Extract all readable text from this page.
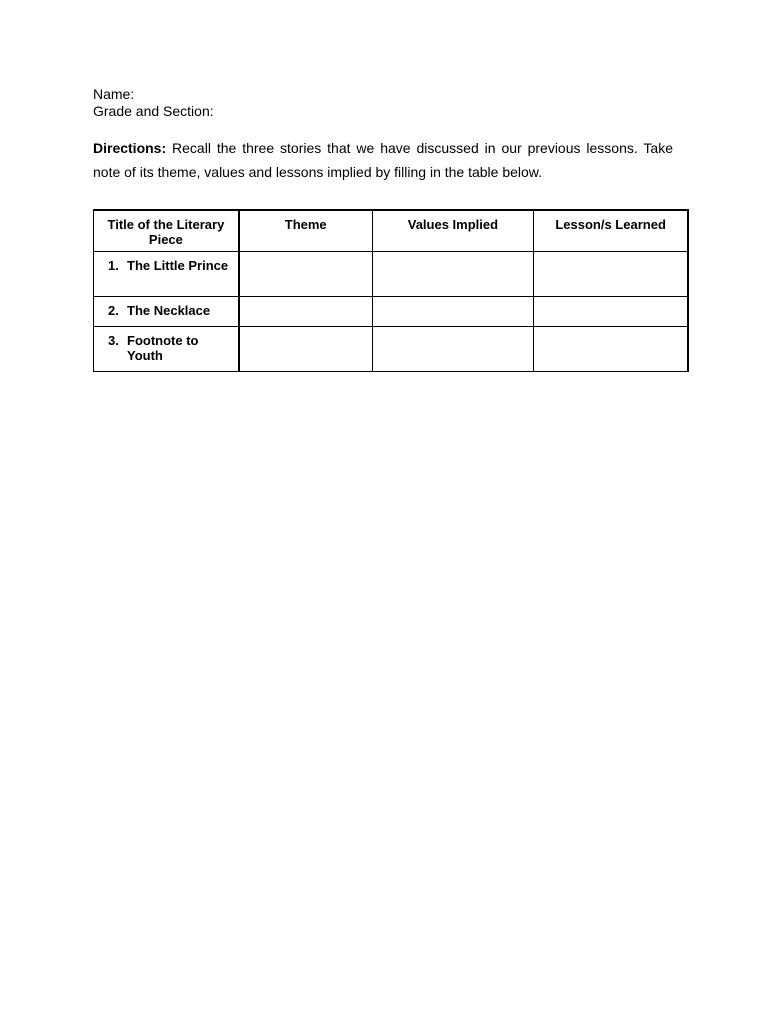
Name:

Grade and Section:

Directions: Recall the three stories that we have discussed in our previous lessons. Take note of its theme, values and lessons implied by filling in the table below.

Title of the Literary Piece	Theme	Values Implied	Lesson/s Learned

1. The Little Prince			

2. The Necklace			

3. Footnote to Youth			
